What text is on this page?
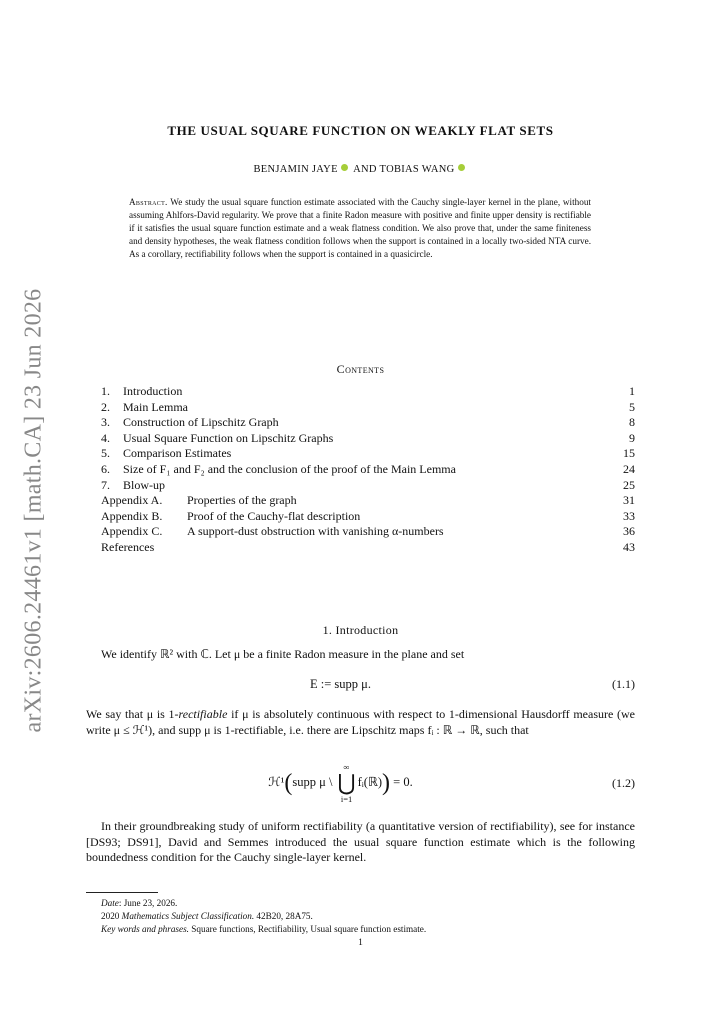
arXiv:2606.24461v1 [math.CA] 23 Jun 2026
THE USUAL SQUARE FUNCTION ON WEAKLY FLAT SETS
BENJAMIN JAYE AND TOBIAS WANG
Abstract. We study the usual square function estimate associated with the Cauchy single-layer kernel in the plane, without assuming Ahlfors-David regularity. We prove that a finite Radon measure with positive and finite upper density is rectifiable if it satisfies the usual square function estimate and a weak flatness condition. We also prove that, under the same finiteness and density hypotheses, the weak flatness condition follows when the support is contained in a locally two-sided NTA curve. As a corollary, rectifiability follows when the support is contained in a quasicircle.
Contents
1.	Introduction	1
2.	Main Lemma	5
3.	Construction of Lipschitz Graph	8
4.	Usual Square Function on Lipschitz Graphs	9
5.	Comparison Estimates	15
6.	Size of F₁ and F₂ and the conclusion of the proof of the Main Lemma	24
7.	Blow-up	25
Appendix A.	Properties of the graph	31
Appendix B.	Proof of the Cauchy-flat description	33
Appendix C.	A support-dust obstruction with vanishing α-numbers	36
References	43
1. Introduction
We identify ℝ² with ℂ. Let μ be a finite Radon measure in the plane and set
E := supp μ.	(1.1)
We say that μ is 1-rectifiable if μ is absolutely continuous with respect to 1-dimensional Hausdorff measure (we write μ ≤ ℋ¹), and supp μ is 1-rectifiable, i.e. there are Lipschitz maps fᵢ : ℝ → ℝ, such that
ℋ¹(supp μ \
∞
⋃
i=1
fᵢ(ℝ)) = 0.	(1.2)
In their groundbreaking study of uniform rectifiability (a quantitative version of rectifiability), see for instance [DS93; DS91], David and Semmes introduced the usual square function estimate which is the following boundedness condition for the Cauchy single-layer kernel.
Date: June 23, 2026.
2020 Mathematics Subject Classification. 42B20, 28A75.
Key words and phrases. Square functions, Rectifiability, Usual square function estimate.
1
